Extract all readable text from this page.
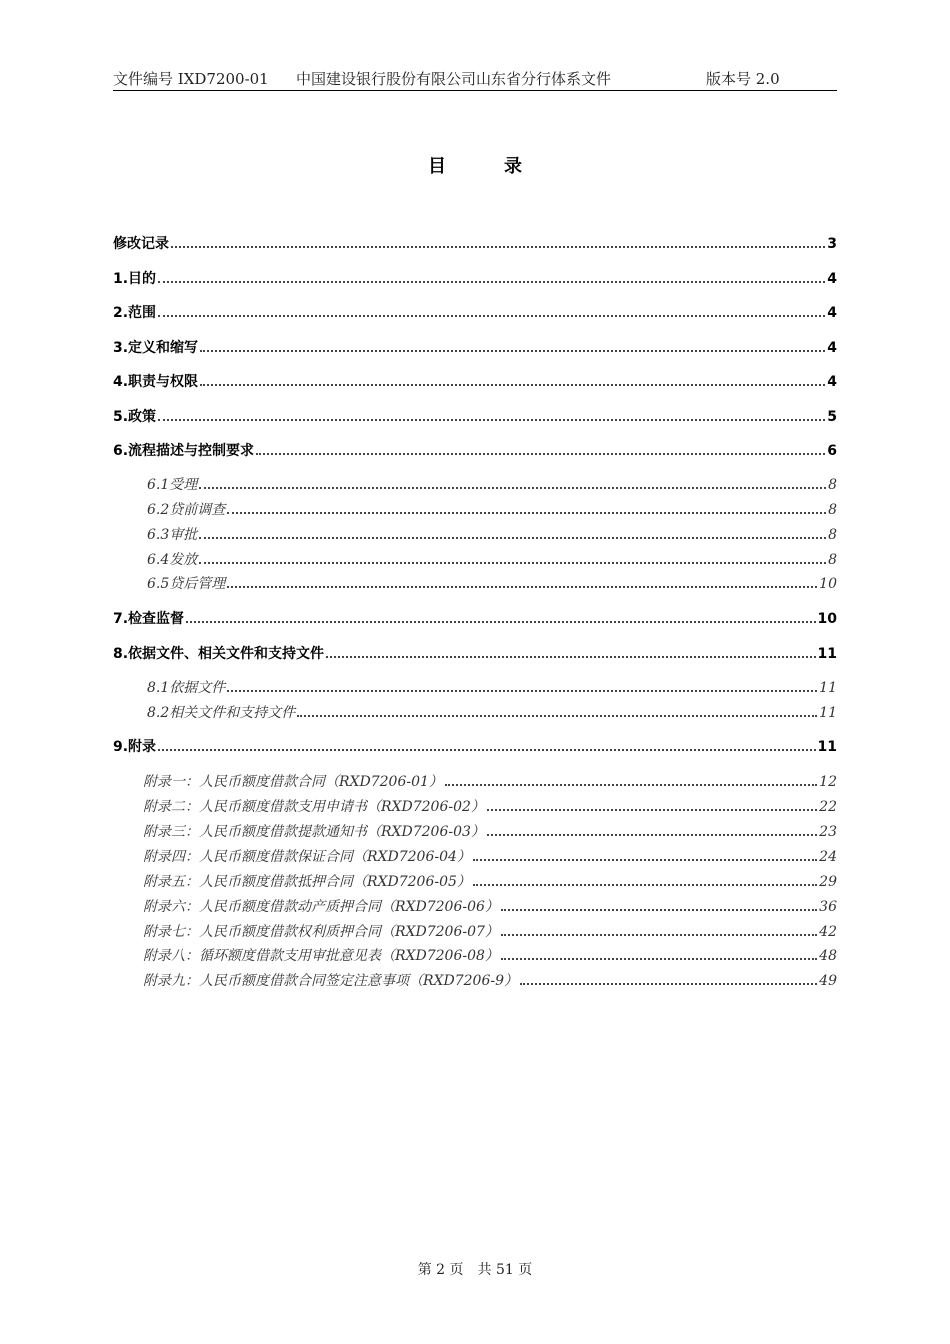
文件编号 IXD7200-01 中国建设银行股份有限公司山东省分行体系文件	版本号 2.0
目	录
修改记录	3
1.目的	4
2.范围	4
3.定义和缩写	4
4.职责与权限	4
5.政策	5
6.流程描述与控制要求	6
6.1受理	8
6.2贷前调查	8
6.3审批	8
6.4发放	8
6.5贷后管理	10
7.检查监督	10
8.依据文件、相关文件和支持文件	11
8.1依据文件	11
8.2相关文件和支持文件	11
9.附录	11
附录一：人民币额度借款合同（RXD7206-01）	12
附录二：人民币额度借款支用申请书（RXD7206-02）	22
附录三：人民币额度借款提款通知书（RXD7206-03）	23
附录四：人民币额度借款保证合同（RXD7206-04）	24
附录五：人民币额度借款抵押合同（RXD7206-05）	29
附录六：人民币额度借款动产质押合同（RXD7206-06）	36
附录七：人民币额度借款权利质押合同（RXD7206-07）	42
附录八：循环额度借款支用审批意见表（RXD7206-08）	48
附录九：人民币额度借款合同签定注意事项（RXD7206-9）	49
第 2 页　共 51 页
